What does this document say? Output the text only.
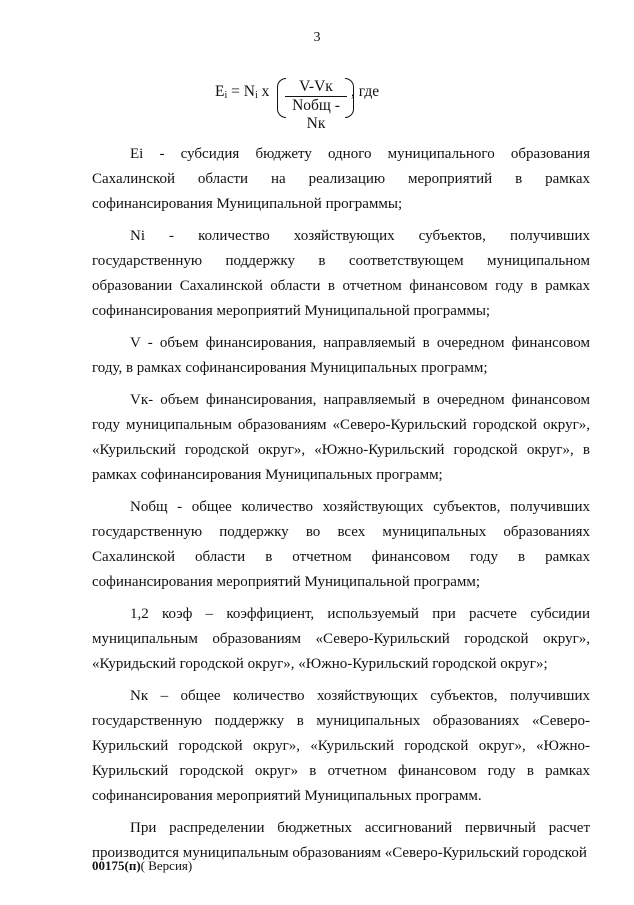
3
$E_i = N_i$ x	V-Vк
Nобщ - Nк
, где
Ei - субсидия бюджету одного муниципального образования
Сахалинской области на реализацию мероприятий в рамках
софинансирования Муниципальной программы;
Ni - количество хозяйствующих субъектов, получивших
государственную поддержку в соответствующем муниципальном
образовании Сахалинской области в отчетном финансовом году в рамках
софинансирования мероприятий Муниципальной программы;
V - объем финансирования, направляемый в очередном финансовом
году, в рамках софинансирования Муниципальных программ;
Vк- объем финансирования, направляемый в очередном финансовом
году муниципальным образованиям «Северо-Курильский городской округ»,
«Курильский городской округ», «Южно-Курильский городской округ», в
рамках софинансирования Муниципальных программ;
Nобщ - общее количество хозяйствующих субъектов, получивших
государственную поддержку во всех муниципальных образованиях
Сахалинской области в отчетном финансовом году в рамках
софинансирования мероприятий Муниципальной программ;
1,2 коэф – коэффициент, используемый при расчете субсидии
муниципальным образованиям «Северо-Курильский городской округ»,
«Куридьский городской округ», «Южно-Курильский городской округ»;
Nк – общее количество хозяйствующих субъектов, получивших
государственную поддержку в муниципальных образованиях «Северо-
Курильский городской округ», «Курильский городской округ», «Южно-
Курильский городской округ» в отчетном финансовом году в рамках
софинансирования мероприятий Муниципальных программ.
При распределении бюджетных ассигнований первичный расчет
производится муниципальным образованиям «Северо-Курильский городской
00175(п)( Версия)
